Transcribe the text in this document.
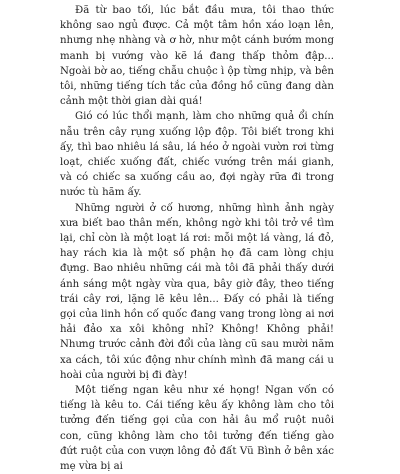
Đã từ bao tối, lúc bắt đầu mưa, tôi thao thức không sao ngủ được. Cả một tâm hồn xáo loạn lên, nhưng nhẹ nhàng và ơ hờ, như một cánh bướm mong manh bị vướng vào kẽ lá đang thấp thỏm đập... Ngoài bờ ao, tiếng chẫu chuộc ì ộp từng nhịp, và bên tôi, những tiếng tích tắc của đồng hồ cũng đang dàn cảnh một thời gian dài quá!

Gió có lúc thổi mạnh, làm cho những quả ổi chín nẫu trên cây rụng xuống lộp độp. Tôi biết trong khi ấy, thì bao nhiêu lá sâu, lá héo ở ngoài vườn rơi từng loạt, chiếc xuống đất, chiếc vướng trên mái gianh, và có chiếc sa xuống cầu ao, đợi ngày rữa đi trong nước tù hãm ấy.

Những người ở cố hương, những hình ảnh ngày xưa biết bao thân mến, không ngờ khi tôi trở về tìm lại, chỉ còn là một loạt lá rơi: mỗi một lá vàng, lá đỏ, hay rách kia là một số phận họ đã cam lòng chịu đựng. Bao nhiêu những cái mà tôi đã phải thấy dưới ánh sáng một ngày vừa qua, bây giờ đây, theo tiếng trái cây rơi, lặng lẽ kêu lên... Đấy có phải là tiếng gọi của linh hồn cố quốc đang vang trong lòng ai nơi hải đảo xa xôi không nhỉ? Không! Không phải! Nhưng trước cảnh đời đổi của làng cũ sau mười năm xa cách, tôi xúc động như chính mình đã mang cái u hoài của người bị đi đày!

Một tiếng ngan kêu như xé họng! Ngan vốn có tiếng là kêu to. Cái tiếng kêu ấy không làm cho tôi tưởng đến tiếng gọi của con hải âu mổ ruột nuôi con, cũng không làm cho tôi tưởng đến tiếng gào đứt ruột của con vượn lông đỏ đất Vũ Bình ở bên xác mẹ vừa bị ai
